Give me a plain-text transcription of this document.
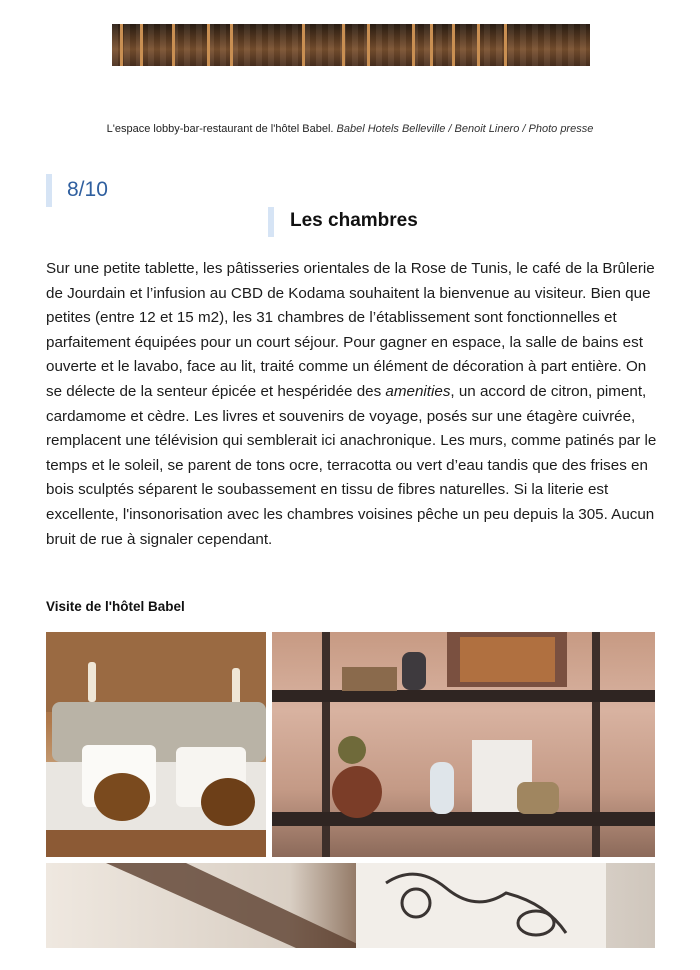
L'espace lobby-bar-restaurant de l'hôtel Babel. Babel Hotels Belleville / Benoit Linero / Photo presse
8/10
Les chambres
Sur une petite tablette, les pâtisseries orientales de la Rose de Tunis, le café de la Brûlerie de Jourdain et l’infusion au CBD de Kodama souhaitent la bienvenue au visiteur. Bien que petites (entre 12 et 15 m2), les 31 chambres de l’établissement sont fonctionnelles et parfaitement équipées pour un court séjour. Pour gagner en espace, la salle de bains est ouverte et le lavabo, face au lit, traité comme un élément de décoration à part entière. On se délecte de la senteur épicée et hespéridée des amenities, un accord de citron, piment, cardamome et cèdre. Les livres et souvenirs de voyage, posés sur une étagère cuivrée, remplacent une télévision qui semblerait ici anachronique. Les murs, comme patinés par le temps et le soleil, se parent de tons ocre, terracotta ou vert d’eau tandis que des frises en bois sculptés séparent le soubassement en tissu de fibres naturelles. Si la literie est excellente, l'insonorisation avec les chambres voisines pêche un peu depuis la 305. Aucun bruit de rue à signaler cependant.
Visite de l'hôtel Babel
